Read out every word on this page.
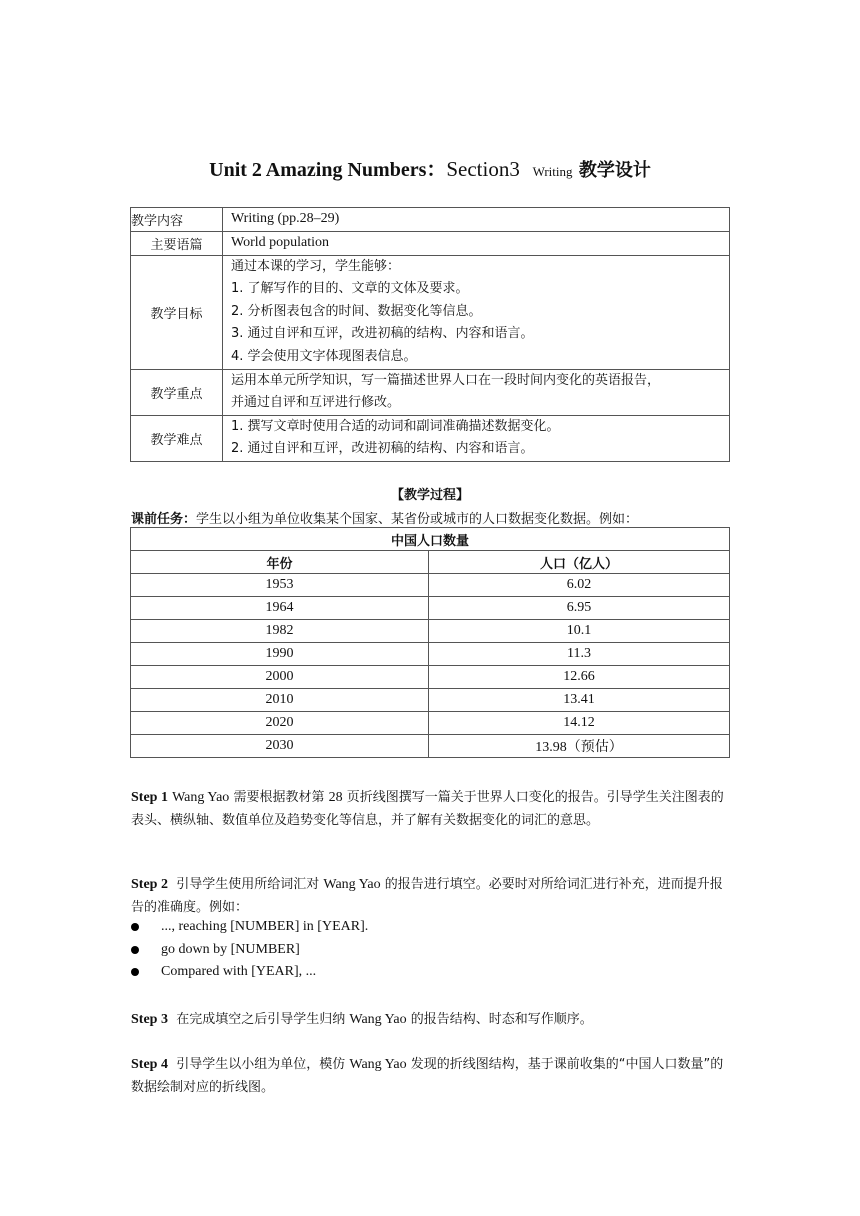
Unit 2 Amazing Numbers：Section3 Writing 教学设计
教学内容	Writing (pp.28–29)
主要语篇	World population
教学目标	通过本课的学习，学生能够：
1. 了解写作的目的、文章的文体及要求。
2. 分析图表包含的时间、数据变化等信息。
3. 通过自评和互评，改进初稿的结构、内容和语言。
4. 学会使用文字体现图表信息。

教学重点	运用本单元所学知识，写一篇描述世界人口在一段时间内变化的英语报告，
并通过自评和互评进行修改。

教学难点	1. 撰写文章时使用合适的动词和副词准确描述数据变化。
2. 通过自评和互评，改进初稿的结构、内容和语言。
【教学过程】
课前任务：学生以小组为单位收集某个国家、某省份或城市的人口数据变化数据。例如：
中国人口数量	
年份	人口（亿人）
1953	6.02
1964	6.95
1982	10.1
1990	11.3
2000	12.66
2010	13.41
2020	14.12
2030	13.98（预估）
Step 1 Wang Yao 需要根据教材第 28 页折线图撰写一篇关于世界人口变化的报告。引导学生关注图表的表头、横纵轴、数值单位及趋势变化等信息，并了解有关数据变化的词汇的意思。
Step 2 引导学生使用所给词汇对 Wang Yao 的报告进行填空。必要时对所给词汇进行补充，进而提升报告的准确度。例如：
..., reaching [NUMBER] in [YEAR].
go down by [NUMBER]
Compared with [YEAR], ...
Step 3 在完成填空之后引导学生归纳 Wang Yao 的报告结构、时态和写作顺序。
Step 4 引导学生以小组为单位，模仿 Wang Yao 发现的折线图结构，基于课前收集的“中国人口数量”的数据绘制对应的折线图。
